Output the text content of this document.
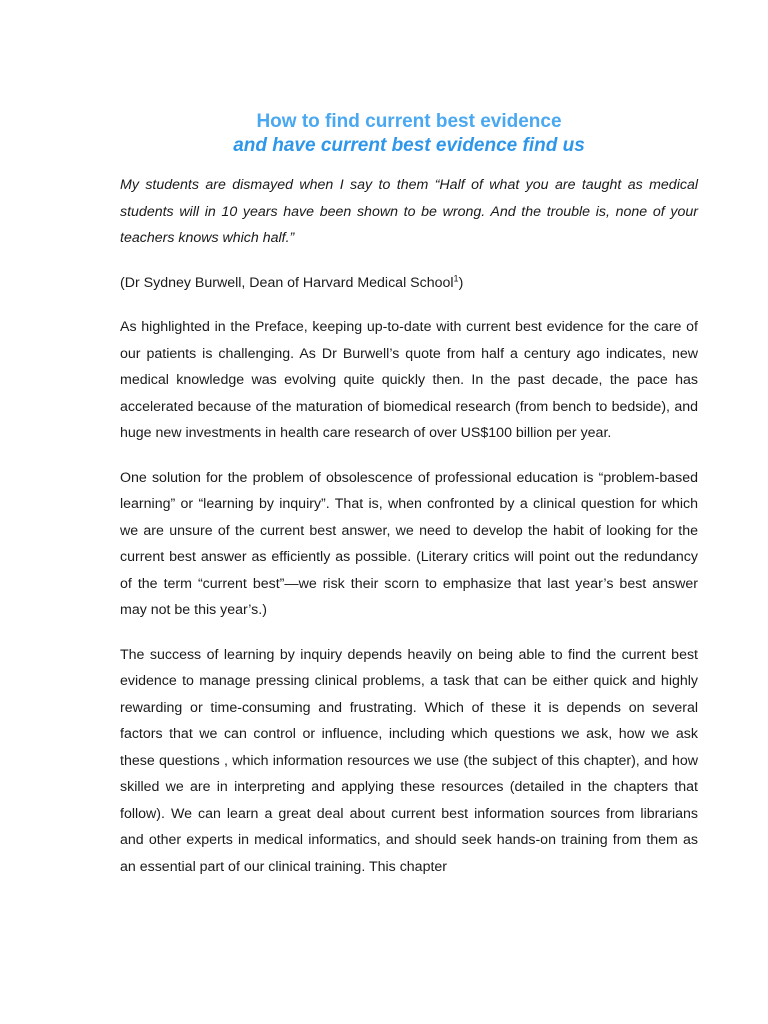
How to find current best evidence
and have current best evidence find us

My students are dismayed when I say to them “Half of what you are taught as medical students will in 10 years have been shown to be wrong. And the trouble is, none of your teachers knows which half.”

(Dr Sydney Burwell, Dean of Harvard Medical School$^1$)

As highlighted in the Preface, keeping up-to-date with current best evidence for the care of our patients is challenging. As Dr Burwell’s quote from half a century ago indicates, new medical knowledge was evolving quite quickly then. In the past decade, the pace has accelerated because of the maturation of biomedical research (from bench to bedside), and huge new investments in health care research of over US$100 billion per year.

One solution for the problem of obsolescence of professional education is “problem-based learning” or “learning by inquiry”. That is, when confronted by a clinical question for which we are unsure of the current best answer, we need to develop the habit of looking for the current best answer as efficiently as possible. (Literary critics will point out the redundancy of the term “current best”—we risk their scorn to emphasize that last year’s best answer may not be this year’s.)

The success of learning by inquiry depends heavily on being able to find the current best evidence to manage pressing clinical problems, a task that can be either quick and highly rewarding or time-consuming and frustrating. Which of these it is depends on several factors that we can control or influence, including which questions we ask, how we ask these questions , which information resources we use (the subject of this chapter), and how skilled we are in interpreting and applying these resources (detailed in the chapters that follow). We can learn a great deal about current best information sources from librarians and other experts in medical informatics, and should seek hands-on training from them as an essential part of our clinical training. This chapter
